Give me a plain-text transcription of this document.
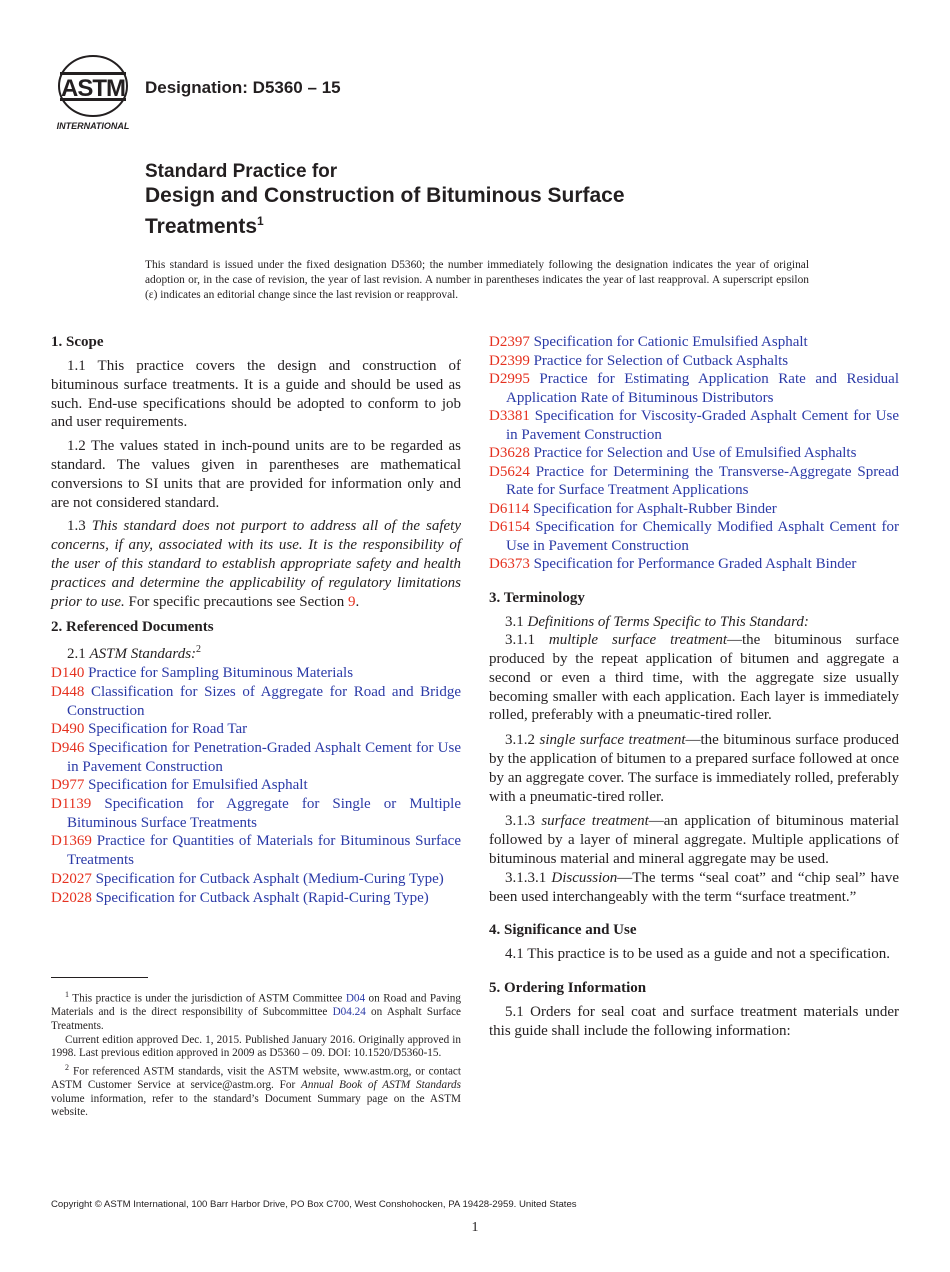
ASTM
INTERNATIONAL
Designation: D5360 – 15
Standard Practice for
Design and Construction of Bituminous Surface
Treatments$^1$

This standard is issued under the fixed designation D5360; the number immediately following the designation indicates the year of original adoption or, in the case of revision, the year of last revision. A number in parentheses indicates the year of last reapproval. A superscript epsilon (ε) indicates an editorial change since the last revision or reapproval.

1. Scope

1.1 This practice covers the design and construction of bituminous surface treatments. It is a guide and should be used as such. End-use specifications should be adopted to conform to job and user requirements.

1.2 The values stated in inch-pound units are to be regarded as standard. The values given in parentheses are mathematical conversions to SI units that are provided for information only and are not considered standard.

1.3 This standard does not purport to address all of the safety concerns, if any, associated with its use. It is the responsibility of the user of this standard to establish appropriate safety and health practices and determine the applicability of regulatory limitations prior to use. For specific precautions see Section 9.

2. Referenced Documents

2.1 ASTM Standards:$^2$

D140 Practice for Sampling Bituminous Materials

D448 Classification for Sizes of Aggregate for Road and Bridge Construction

D490 Specification for Road Tar

D946 Specification for Penetration-Graded Asphalt Cement for Use in Pavement Construction

D977 Specification for Emulsified Asphalt

D1139 Specification for Aggregate for Single or Multiple Bituminous Surface Treatments

D1369 Practice for Quantities of Materials for Bituminous Surface Treatments

D2027 Specification for Cutback Asphalt (Medium-Curing Type)

D2028 Specification for Cutback Asphalt (Rapid-Curing Type)

$^1$ This practice is under the jurisdiction of ASTM Committee D04 on Road and Paving Materials and is the direct responsibility of Subcommittee D04.24 on Asphalt Surface Treatments.

Current edition approved Dec. 1, 2015. Published January 2016. Originally approved in 1998. Last previous edition approved in 2009 as D5360 – 09. DOI: 10.1520/D5360-15.

$^2$ For referenced ASTM standards, visit the ASTM website, www.astm.org, or contact ASTM Customer Service at service@astm.org. For Annual Book of ASTM Standards volume information, refer to the standard’s Document Summary page on the ASTM website.

D2397 Specification for Cationic Emulsified Asphalt

D2399 Practice for Selection of Cutback Asphalts

D2995 Practice for Estimating Application Rate and Residual Application Rate of Bituminous Distributors

D3381 Specification for Viscosity-Graded Asphalt Cement for Use in Pavement Construction

D3628 Practice for Selection and Use of Emulsified Asphalts

D5624 Practice for Determining the Transverse-Aggregate Spread Rate for Surface Treatment Applications

D6114 Specification for Asphalt-Rubber Binder

D6154 Specification for Chemically Modified Asphalt Cement for Use in Pavement Construction

D6373 Specification for Performance Graded Asphalt Binder

3. Terminology

3.1 Definitions of Terms Specific to This Standard:

3.1.1 multiple surface treatment—the bituminous surface produced by the repeat application of bitumen and aggregate a second or even a third time, with the aggregate size usually becoming smaller with each application. Each layer is immediately rolled, preferably with a pneumatic-tired roller.

3.1.2 single surface treatment—the bituminous surface produced by the application of bitumen to a prepared surface followed at once by an aggregate cover. The surface is immediately rolled, preferably with a pneumatic-tired roller.

3.1.3 surface treatment—an application of bituminous material followed by a layer of mineral aggregate. Multiple applications of bituminous material and mineral aggregate may be used.

3.1.3.1 Discussion—The terms “seal coat” and “chip seal” have been used interchangeably with the term “surface treatment.”

4. Significance and Use

4.1 This practice is to be used as a guide and not a specification.

5. Ordering Information

5.1 Orders for seal coat and surface treatment materials under this guide shall include the following information:

Copyright © ASTM International, 100 Barr Harbor Drive, PO Box C700, West Conshohocken, PA 19428-2959. United States
1
